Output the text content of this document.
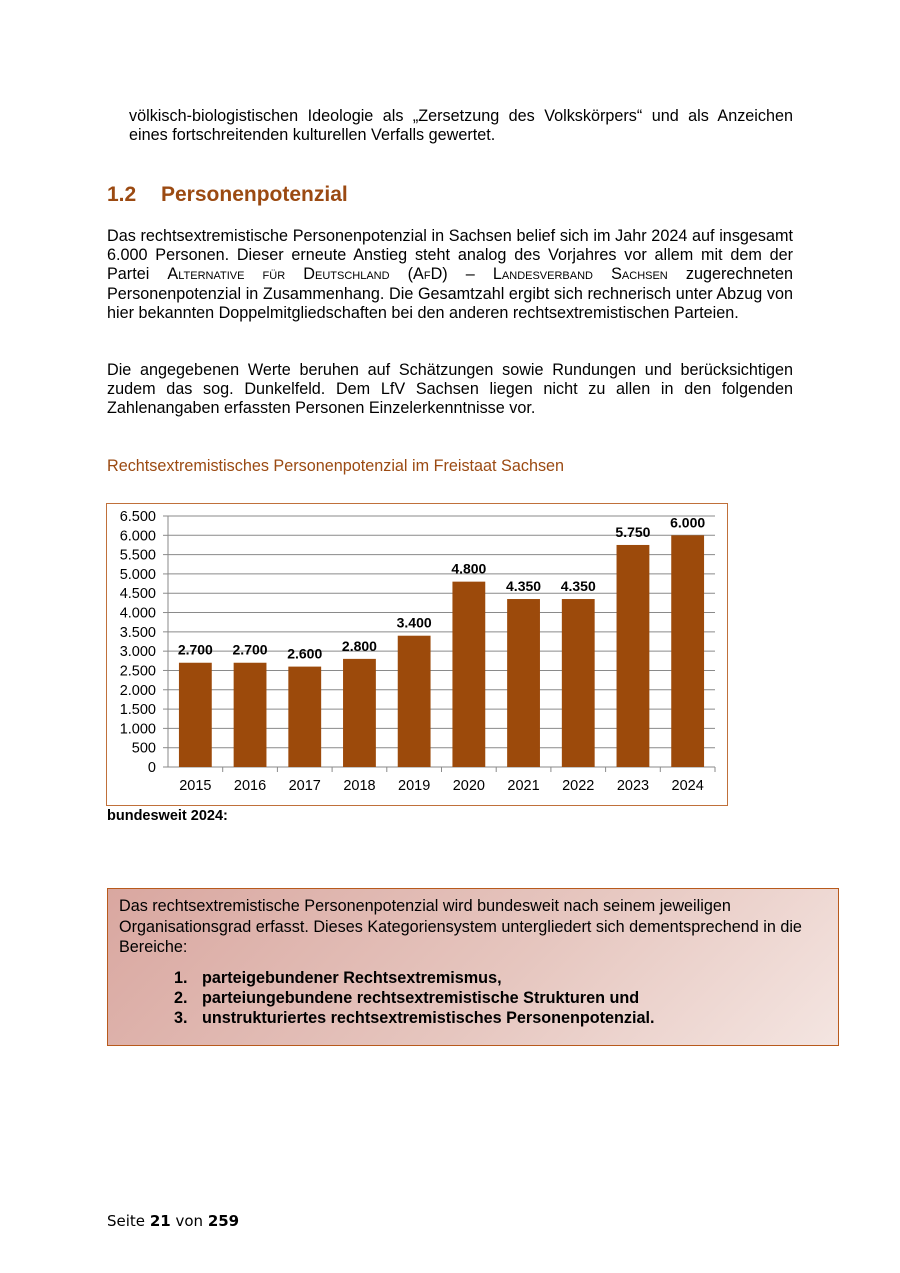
völkisch-biologistischen Ideologie als „Zersetzung des Volkskörpers“ und als Anzeichen eines fortschreitenden kulturellen Verfalls gewertet.
1.2 Personenpotenzial
Das rechtsextremistische Personenpotenzial in Sachsen belief sich im Jahr 2024 auf insgesamt 6.000 Personen. Dieser erneute Anstieg steht analog des Vorjahres vor allem mit dem der Partei Alternative für Deutschland (AfD) – Landesverband Sachsen zugerechneten Personenpotenzial in Zusammenhang. Die Gesamtzahl ergibt sich rechnerisch unter Abzug von hier bekannten Doppelmitgliedschaften bei den anderen rechtsextremistischen Parteien.
Die angegebenen Werte beruhen auf Schätzungen sowie Rundungen und berücksichtigen zudem das sog. Dunkelfeld. Dem LfV Sachsen liegen nicht zu allen in den folgenden Zahlenangaben erfassten Personen Einzelerkenntnisse vor.
Rechtsextremistisches Personenpotenzial im Freistaat Sachsen
0
500
1.000
1.500
2.000
2.500
3.000
3.500
4.000
4.500
5.000
5.500
6.000
6.500
2.700
2015
2.700
2016
2.600
2017
2.800
2018
3.400
2019
4.800
2020
4.350
2021
4.350
2022
5.750
2023
6.000
2024
bundesweit 2024:
Das rechtsextremistische Personenpotenzial wird bundesweit nach seinem jeweiligen Organisationsgrad erfasst. Dieses Kategoriensystem untergliedert sich dementsprechend in die Bereiche:
1. parteigebundener Rechtsextremismus,
2. parteiungebundene rechtsextremistische Strukturen und
3. unstrukturiertes rechtsextremistisches Personenpotenzial.
Seite 21 von 259
